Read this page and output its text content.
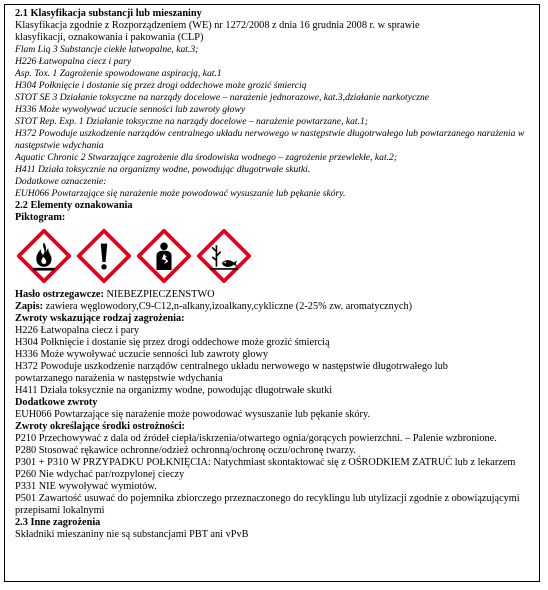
2.1 Klasyfikacja substancji lub mieszaniny
Klasyfikacja zgodnie z Rozporządzeniem (WE) nr 1272/2008 z dnia 16 grudnia 2008 r. w sprawie klasyfikacji, oznakowania i pakowania (CLP)
Flam Liq 3 Substancje ciekłe łatwopalne, kat.3;
H226 Łatwopalna ciecz i pary
Asp. Tox. 1 Zagrożenie spowodowane aspiracją, kat.1
H304 Połknięcie i dostanie się przez drogi oddechowe może grozić śmiercią
STOT SE 3 Działanie toksyczne na narządy docelowe – narażenie jednorazowe, kat.3,działanie narkotyczne
H336 Może wywoływać uczucie senności lub zawroty głowy
STOT Rep. Exp. 1 Działanie toksyczne na narządy docelowe – narażenie powtarzane, kat.1;
H372 Powoduje uszkodzenie narządów centralnego układu nerwowego w następstwie długotrwałego lub powtarzanego narażenia w następstwie wdychania
Aquatic Chronic 2 Stwarzające zagrożenie dla środowiska wodnego – zagrożenie przewlekłe, kat.2;
H411 Działa toksycznie na organizmy wodne, powodując długotrwałe skutki.
Dodatkowe oznaczenie:
EUH066 Powtarzające się narażenie może powodować wysuszanie lub pękanie skóry.
2.2 Elementy oznakowania
Piktogram:
Hasło ostrzegawcze: NIEBEZPIECZEŃSTWO
Zapis: zawiera węglowodory,C9-C12,n-alkany,izoalkany,cykliczne (2-25% zw. aromatycznych)
Zwroty wskazujące rodzaj zagrożenia:
H226 Łatwopalna ciecz i pary
H304 Połknięcie i dostanie się przez drogi oddechowe może grozić śmiercią
H336 Może wywoływać uczucie senności lub zawroty głowy
H372 Powoduje uszkodzenie narządów centralnego układu nerwowego w następstwie długotrwałego lub powtarzanego narażenia w następstwie wdychania
H411 Działa toksycznie na organizmy wodne, powodując długotrwałe skutki
Dodatkowe zwroty
EUH066 Powtarzające się narażenie może powodować wysuszanie lub pękanie skóry.
Zwroty określające środki ostrożności:
P210 Przechowywać z dala od źródeł ciepła/iskrzenia/otwartego ognia/gorących powierzchni. – Palenie wzbronione.
P280 Stosować rękawice ochronne/odzież ochronną/ochronę oczu/ochronę twarzy.
P301 + P310 W PRZYPADKU POŁKNIĘCIA: Natychmiast skontaktować się z OŚRODKIEM ZATRUĆ lub z lekarzem
P260 Nie wdychać par/rozpylonej cieczy
P331 NIE wywoływać wymiotów.
P501 Zawartość usuwać do pojemnika zbiorczego przeznaczonego do recyklingu lub utylizacji zgodnie z obowiązującymi przepisami lokalnymi
2.3 Inne zagrożenia
Składniki mieszaniny nie są substancjami PBT ani vPvB
